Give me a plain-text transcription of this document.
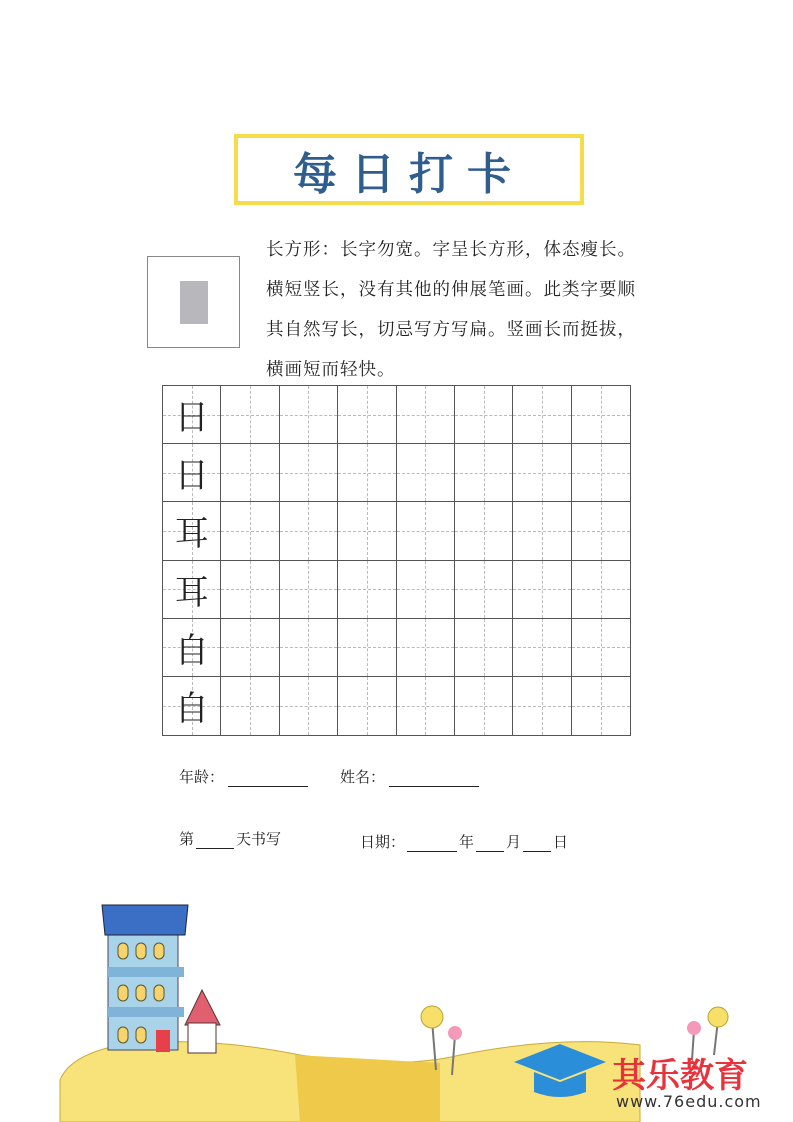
每日打卡
长方形：长字勿宽。字呈长方形，体态瘦长。横短竖长，没有其他的伸展笔画。此类字要顺其自然写长，切忌写方写扁。竖画长而挺拔，横画短而轻快。
日
日
耳
耳
自
自
年龄：	姓名：
第	天书写	日期：	年 月 日
其乐教育
www.76edu.com
